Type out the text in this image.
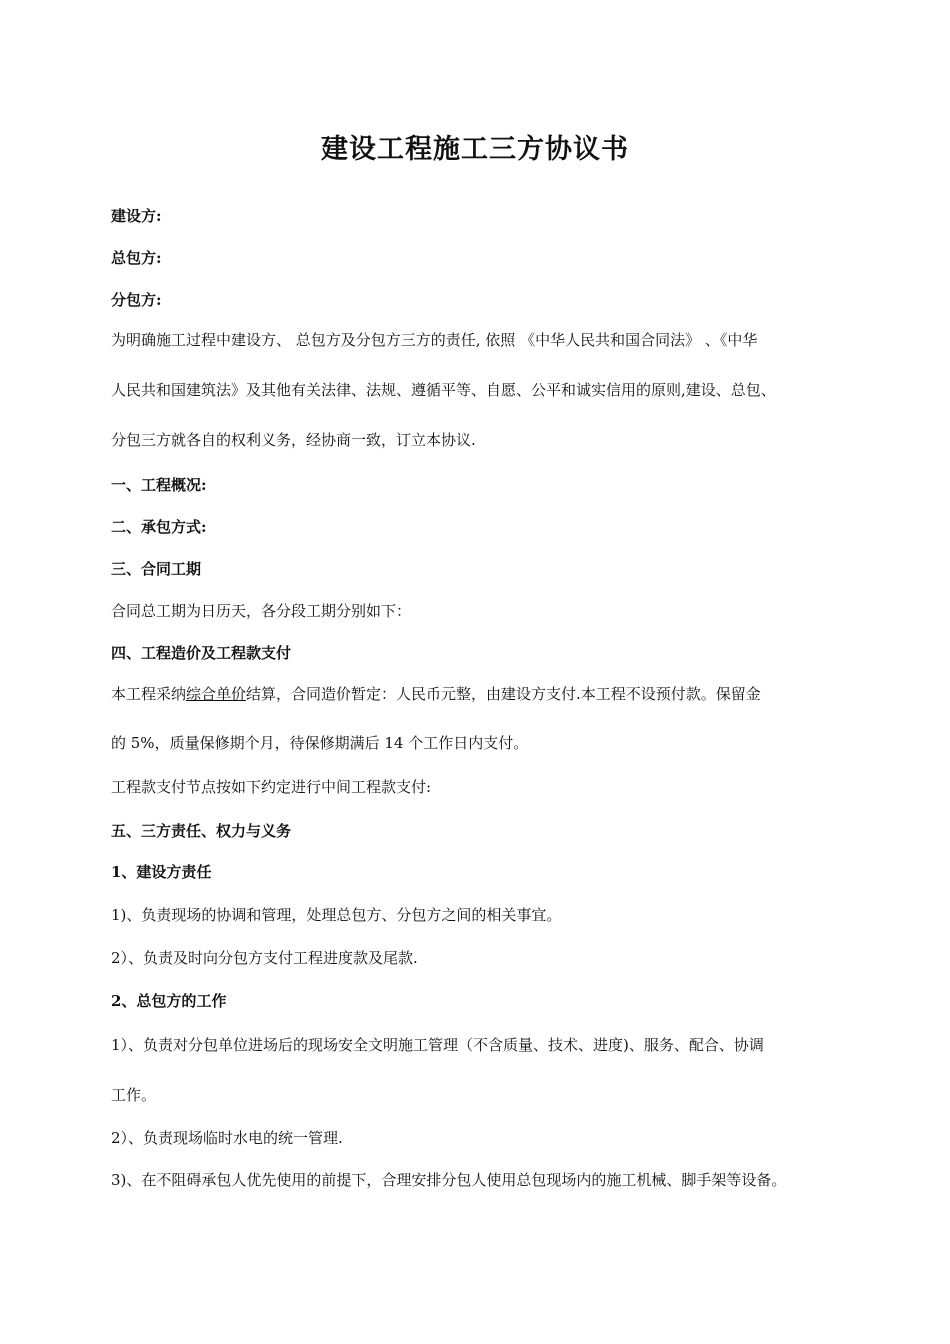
建设工程施工三方协议书

建设方:

总包方:

分包方:

为明确施工过程中建设方、 总包方及分包方三方的责任, 依照 《中华人民共和国合同法》 、《中华

人民共和国建筑法》及其他有关法律、法规、遵循平等、自愿、公平和诚实信用的原则,建设、总包、

分包三方就各自的权利义务，经协商一致，订立本协议.

一、工程概况:

二、承包方式:

三、合同工期

合同总工期为日历天，各分段工期分别如下：

四、工程造价及工程款支付

本工程采纳综合单价结算，合同造价暂定：人民币元整，由建设方支付.本工程不设预付款。保留金

的 5%，质量保修期个月，待保修期满后 14 个工作日内支付。

工程款支付节点按如下约定进行中间工程款支付:

五、三方责任、权力与义务

1、建设方责任

1)、负责现场的协调和管理，处理总包方、分包方之间的相关事宜。

2）、负责及时向分包方支付工程进度款及尾款.

2、总包方的工作

1）、负责对分包单位进场后的现场安全文明施工管理（不含质量、技术、进度)、服务、配合、协调

工作。

2）、负责现场临时水电的统一管理.

3)、在不阻碍承包人优先使用的前提下，合理安排分包人使用总包现场内的施工机械、脚手架等设备。
